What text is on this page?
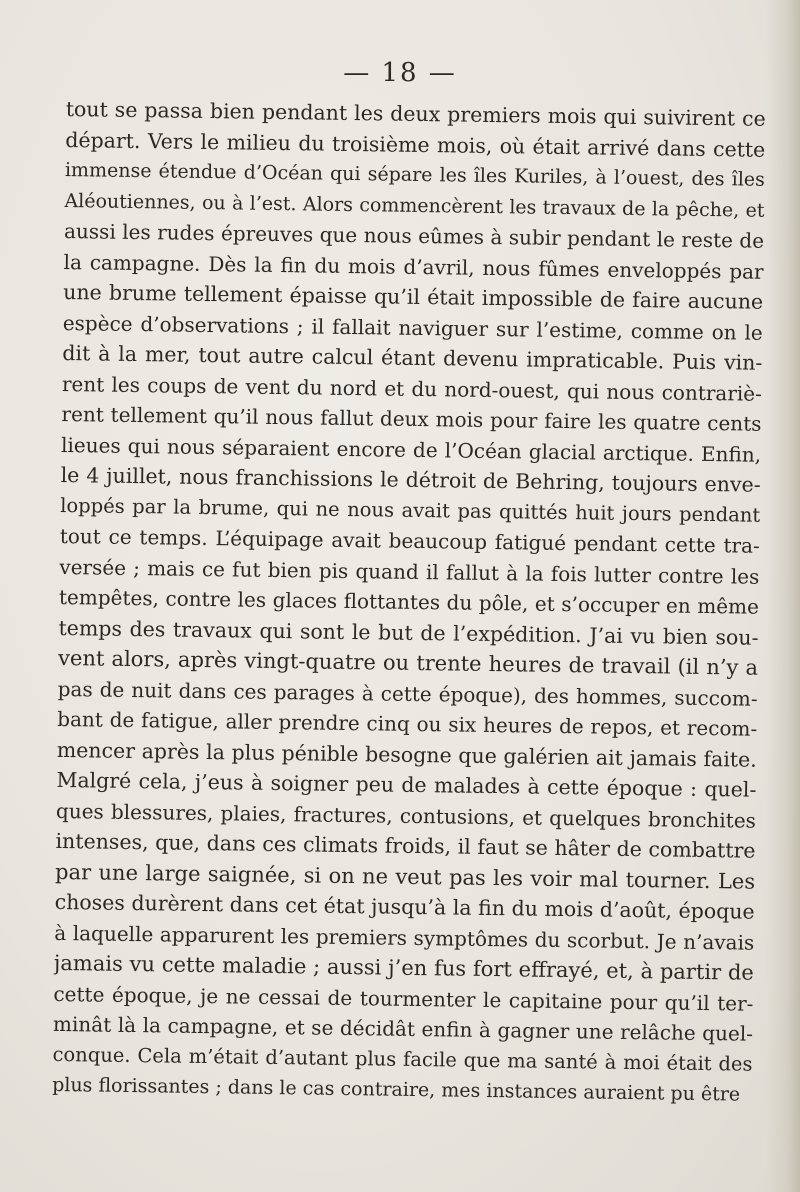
— 18 —
tout se passa bien pendant les deux premiers mois qui suivirent ce
départ. Vers le milieu du troisième mois, où était arrivé dans cette
immense étendue d’Océan qui sépare les îles Kuriles, à l’ouest, des îles
Aléoutiennes, ou à l’est. Alors commencèrent les travaux de la pêche, et
aussi les rudes épreuves que nous eûmes à subir pendant le reste de
la campagne. Dès la fin du mois d’avril, nous fûmes enveloppés par
une brume tellement épaisse qu’il était impossible de faire aucune
espèce d’observations ; il fallait naviguer sur l’estime, comme on le
dit à la mer, tout autre calcul étant devenu impraticable. Puis vin-
rent les coups de vent du nord et du nord-ouest, qui nous contrariè-
rent tellement qu’il nous fallut deux mois pour faire les quatre cents
lieues qui nous séparaient encore de l’Océan glacial arctique. Enfin,
le 4 juillet, nous franchissions le détroit de Behring, toujours enve-
loppés par la brume, qui ne nous avait pas quittés huit jours pendant
tout ce temps. L’équipage avait beaucoup fatigué pendant cette tra-
versée ; mais ce fut bien pis quand il fallut à la fois lutter contre les
tempêtes, contre les glaces flottantes du pôle, et s’occuper en même
temps des travaux qui sont le but de l’expédition. J’ai vu bien sou-
vent alors, après vingt-quatre ou trente heures de travail (il n’y a
pas de nuit dans ces parages à cette époque), des hommes, succom-
bant de fatigue, aller prendre cinq ou six heures de repos, et recom-
mencer après la plus pénible besogne que galérien ait jamais faite.
Malgré cela, j’eus à soigner peu de malades à cette époque : quel-
ques blessures, plaies, fractures, contusions, et quelques bronchites
intenses, que, dans ces climats froids, il faut se hâter de combattre
par une large saignée, si on ne veut pas les voir mal tourner. Les
choses durèrent dans cet état jusqu’à la fin du mois d’août, époque
à laquelle apparurent les premiers symptômes du scorbut. Je n’avais
jamais vu cette maladie ; aussi j’en fus fort effrayé, et, à partir de
cette époque, je ne cessai de tourmenter le capitaine pour qu’il ter-
minât là la campagne, et se décidât enfin à gagner une relâche quel-
conque. Cela m’était d’autant plus facile que ma santé à moi était des
plus florissantes ; dans le cas contraire, mes instances auraient pu être
